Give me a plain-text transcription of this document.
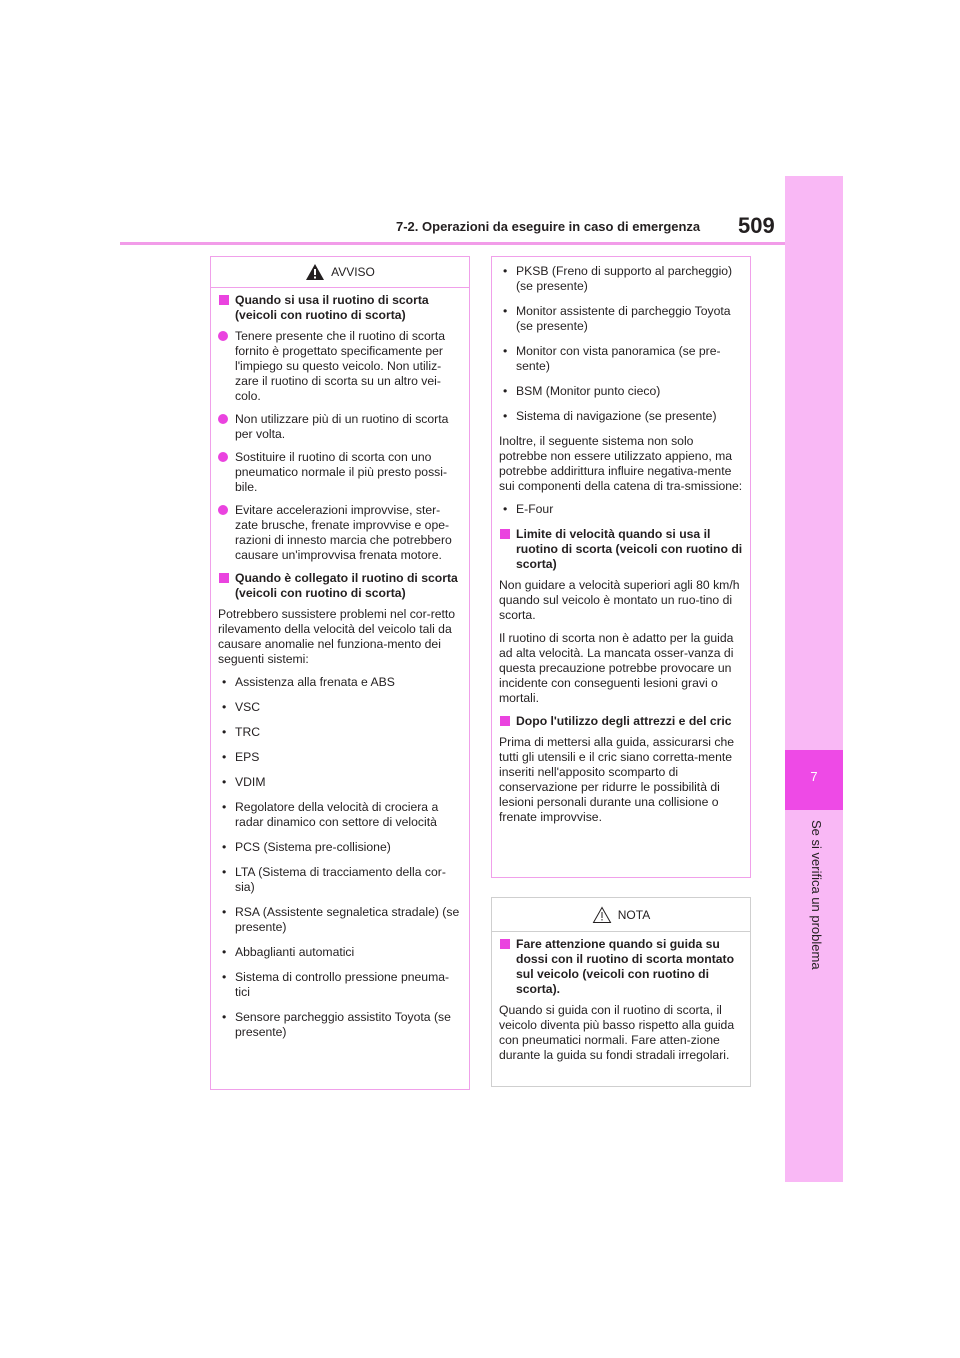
7-2. Operazioni da eseguire in caso di emergenza 509
7
Se si verifica un problema
AVVISO
Quando si usa il ruotino di scorta (veicoli con ruotino di scorta)
Tenere presente che il ruotino di scorta fornito è progettato specificamente per l'impiego su questo veicolo. Non utiliz-zare il ruotino di scorta su un altro vei-colo.
Non utilizzare più di un ruotino di scorta per volta.
Sostituire il ruotino di scorta con uno pneumatico normale il più presto possi-bile.
Evitare accelerazioni improvvise, ster-zate brusche, frenate improvvise e ope-razioni di innesto marcia che potrebbero causare un'improvvisa frenata motore.
Quando è collegato il ruotino di scorta (veicoli con ruotino di scorta)
Potrebbero sussistere problemi nel cor-retto rilevamento della velocità del veicolo tali da causare anomalie nel funziona-mento dei seguenti sistemi:
• Assistenza alla frenata e ABS
• VSC
• TRC
• EPS
• VDIM
• Regolatore della velocità di crociera a radar dinamico con settore di velocità
• PCS (Sistema pre-collisione)
• LTA (Sistema di tracciamento della cor-sia)
• RSA (Assistente segnaletica stradale) (se presente)
• Abbaglianti automatici
• Sistema di controllo pressione pneuma-tici
• Sensore parcheggio assistito Toyota (se presente)
• PKSB (Freno di supporto al parcheggio) (se presente)
• Monitor assistente di parcheggio Toyota (se presente)
• Monitor con vista panoramica (se pre-sente)
• BSM (Monitor punto cieco)
• Sistema di navigazione (se presente)
Inoltre, il seguente sistema non solo potrebbe non essere utilizzato appieno, ma potrebbe addirittura influire negativa-mente sui componenti della catena di tra-smissione:
• E-Four
Limite di velocità quando si usa il ruotino di scorta (veicoli con ruotino di scorta)
Non guidare a velocità superiori agli 80 km/h quando sul veicolo è montato un ruo-tino di scorta.
Il ruotino di scorta non è adatto per la guida ad alta velocità. La mancata osser-vanza di questa precauzione potrebbe provocare un incidente con conseguenti lesioni gravi o mortali.
Dopo l'utilizzo degli attrezzi e del cric
Prima di mettersi alla guida, assicurarsi che tutti gli utensili e il cric siano corretta-mente inseriti nell'apposito scomparto di conservazione per ridurre le possibilità di lesioni personali durante una collisione o frenate improvvise.
NOTA
Fare attenzione quando si guida su dossi con il ruotino di scorta montato sul veicolo (veicoli con ruotino di scorta).
Quando si guida con il ruotino di scorta, il veicolo diventa più basso rispetto alla guida con pneumatici normali. Fare atten-zione durante la guida su fondi stradali irregolari.
